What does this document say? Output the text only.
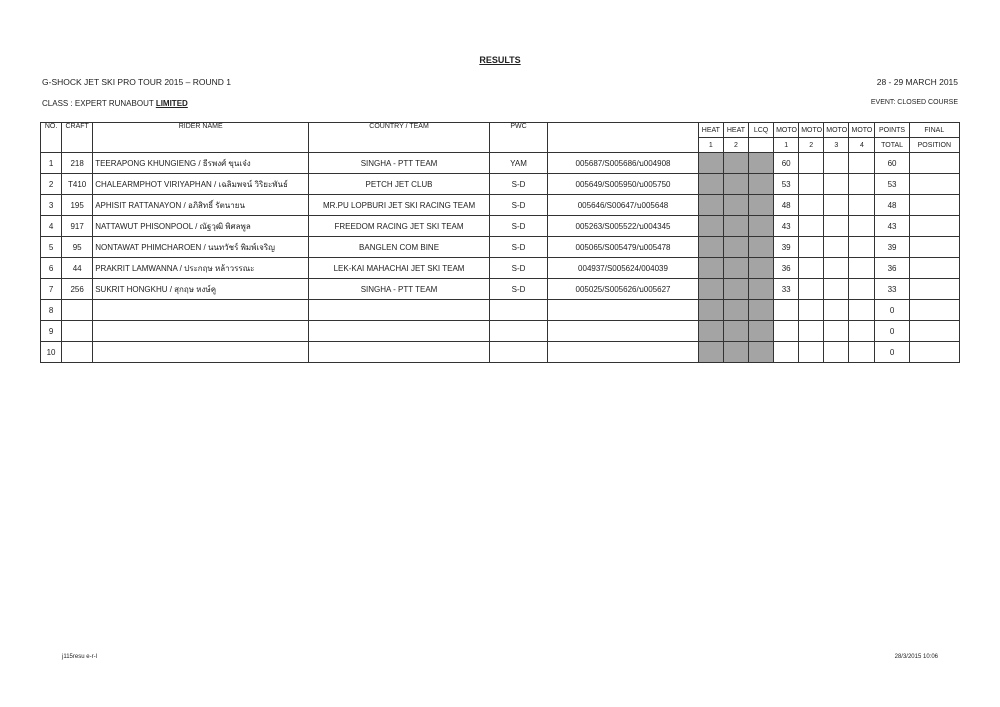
RESULTS
G-SHOCK JET SKI PRO TOUR 2015 – ROUND 1	28 - 29 MARCH 2015
CLASS : EXPERT RUNABOUT LIMITED	EVENT: CLOSED COURSE
NO.	CRAFT	RIDER NAME	COUNTRY / TEAM	PWC		HEAT	HEAT	LCQ	MOTO	MOTO	MOTO	MOTO	POINTS	FINAL
						1	2		1	2	3	4	TOTAL	POSITION
1	218	TEERAPONG KHUNGIENG / ธีรพงศ์ ขุนเจ๋ง	SINGHA - PTT TEAM	YAM	005687/S005686/บ004908				60				60	
2	T410	CHALEARMPHOT VIRIYAPHAN / เฉลิมพจน์ วิริยะพันธ์	PETCH JET CLUB	S-D	005649/S005950/บ005750				53				53	
3	195	APHISIT RATTANAYON / อภิสิทธิ์ รัตนายน	MR.PU LOPBURI JET SKI RACING TEAM	S-D	005646/S00647/บ005648				48				48	
4	917	NATTAWUT PHISONPOOL / ณัฐวุฒิ พิศลพูล	FREEDOM RACING JET SKI TEAM	S-D	005263/S005522/บ004345				43				43	
5	95	NONTAWAT PHIMCHAROEN / นนทวัชร์ พิมพ์เจริญ	BANGLEN COM BINE	S-D	005065/S005479/บ005478				39				39	
6	44	PRAKRIT LAMWANNA / ประกฤษ หล้าวรรณะ	LEK-KAI MAHACHAI JET SKI TEAM	S-D	004937/S005624/004039				36				36	
7	256	SUKRIT HONGKHU / สุกฤษ หงษ์คู	SINGHA - PTT TEAM	S-D	005025/S005626/บ005627				33				33	
8													0	
9													0	
10													0	
j115resu e-r-l	28/3/2015 10:06
